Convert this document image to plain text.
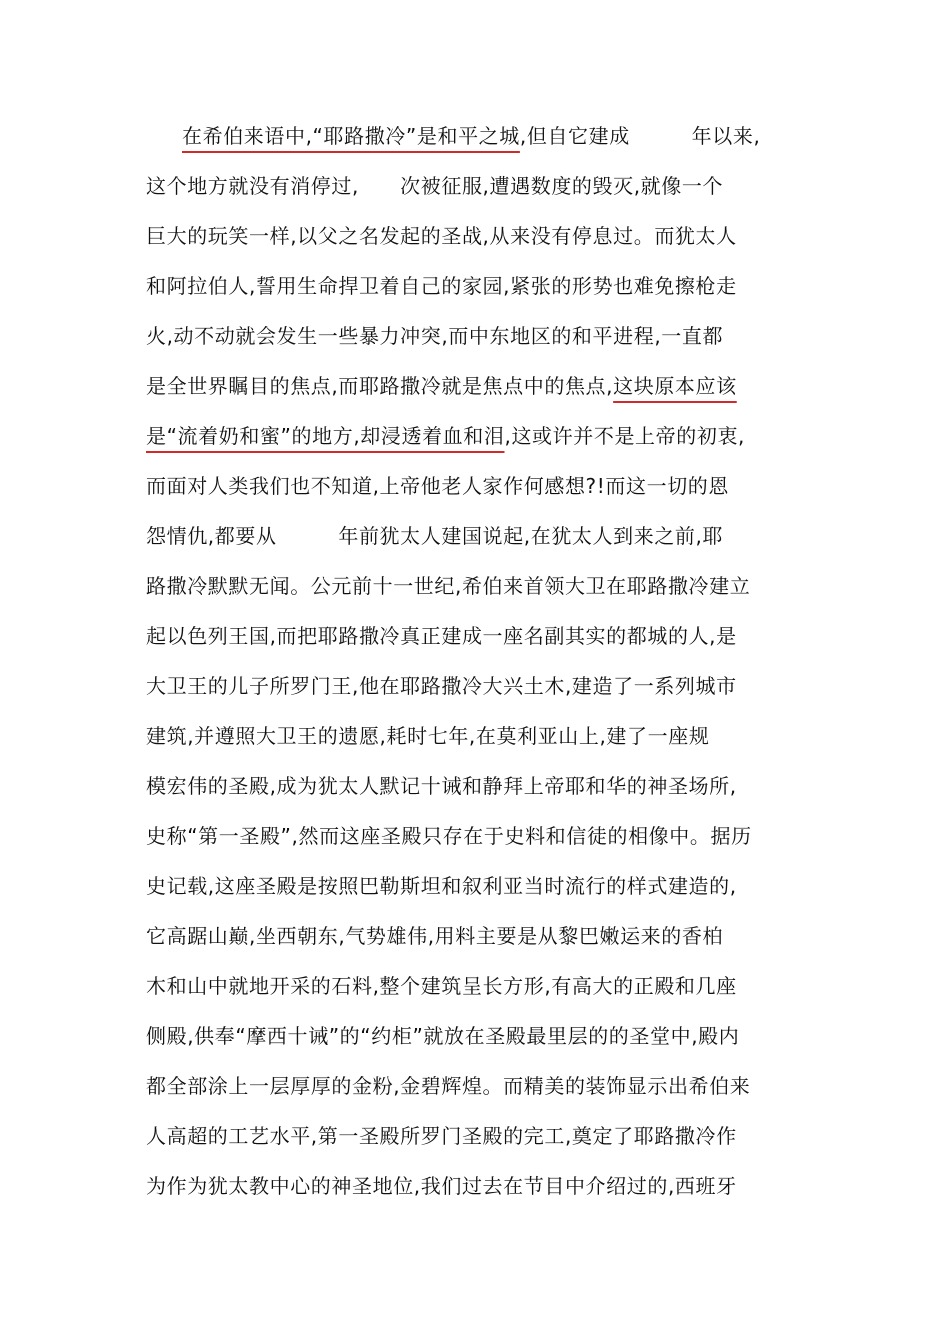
在希伯来语中,“耶路撒冷”是和平之城,但自它建成　　　年以来,
这个地方就没有消停过,　　次被征服,遭遇数度的毁灭,就像一个
巨大的玩笑一样,以父之名发起的圣战,从来没有停息过。而犹太人
和阿拉伯人,誓用生命捍卫着自己的家园,紧张的形势也难免擦枪走
火,动不动就会发生一些暴力冲突,而中东地区的和平进程,一直都
是全世界瞩目的焦点,而耶路撒冷就是焦点中的焦点,这块原本应该
是“流着奶和蜜”的地方,却浸透着血和泪,这或许并不是上帝的初衷,
而面对人类我们也不知道,上帝他老人家作何感想?!而这一切的恩
怨情仇,都要从　　　年前犹太人建国说起,在犹太人到来之前,耶
路撒冷默默无闻。公元前十一世纪,希伯来首领大卫在耶路撒冷建立
起以色列王国,而把耶路撒冷真正建成一座名副其实的都城的人,是
大卫王的儿子所罗门王,他在耶路撒冷大兴土木,建造了一系列城市
建筑,并遵照大卫王的遗愿,耗时七年,在莫利亚山上,建了一座规
模宏伟的圣殿,成为犹太人默记十诫和静拜上帝耶和华的神圣场所,
史称“第一圣殿”,然而这座圣殿只存在于史料和信徒的相像中。据历
史记载,这座圣殿是按照巴勒斯坦和叙利亚当时流行的样式建造的,
它高踞山巅,坐西朝东,气势雄伟,用料主要是从黎巴嫩运来的香柏
木和山中就地开采的石料,整个建筑呈长方形,有高大的正殿和几座
侧殿,供奉“摩西十诫”的“约柜”就放在圣殿最里层的的圣堂中,殿内
都全部涂上一层厚厚的金粉,金碧辉煌。而精美的装饰显示出希伯来
人高超的工艺水平,第一圣殿所罗门圣殿的完工,奠定了耶路撒冷作
为作为犹太教中心的神圣地位,我们过去在节目中介绍过的,西班牙
